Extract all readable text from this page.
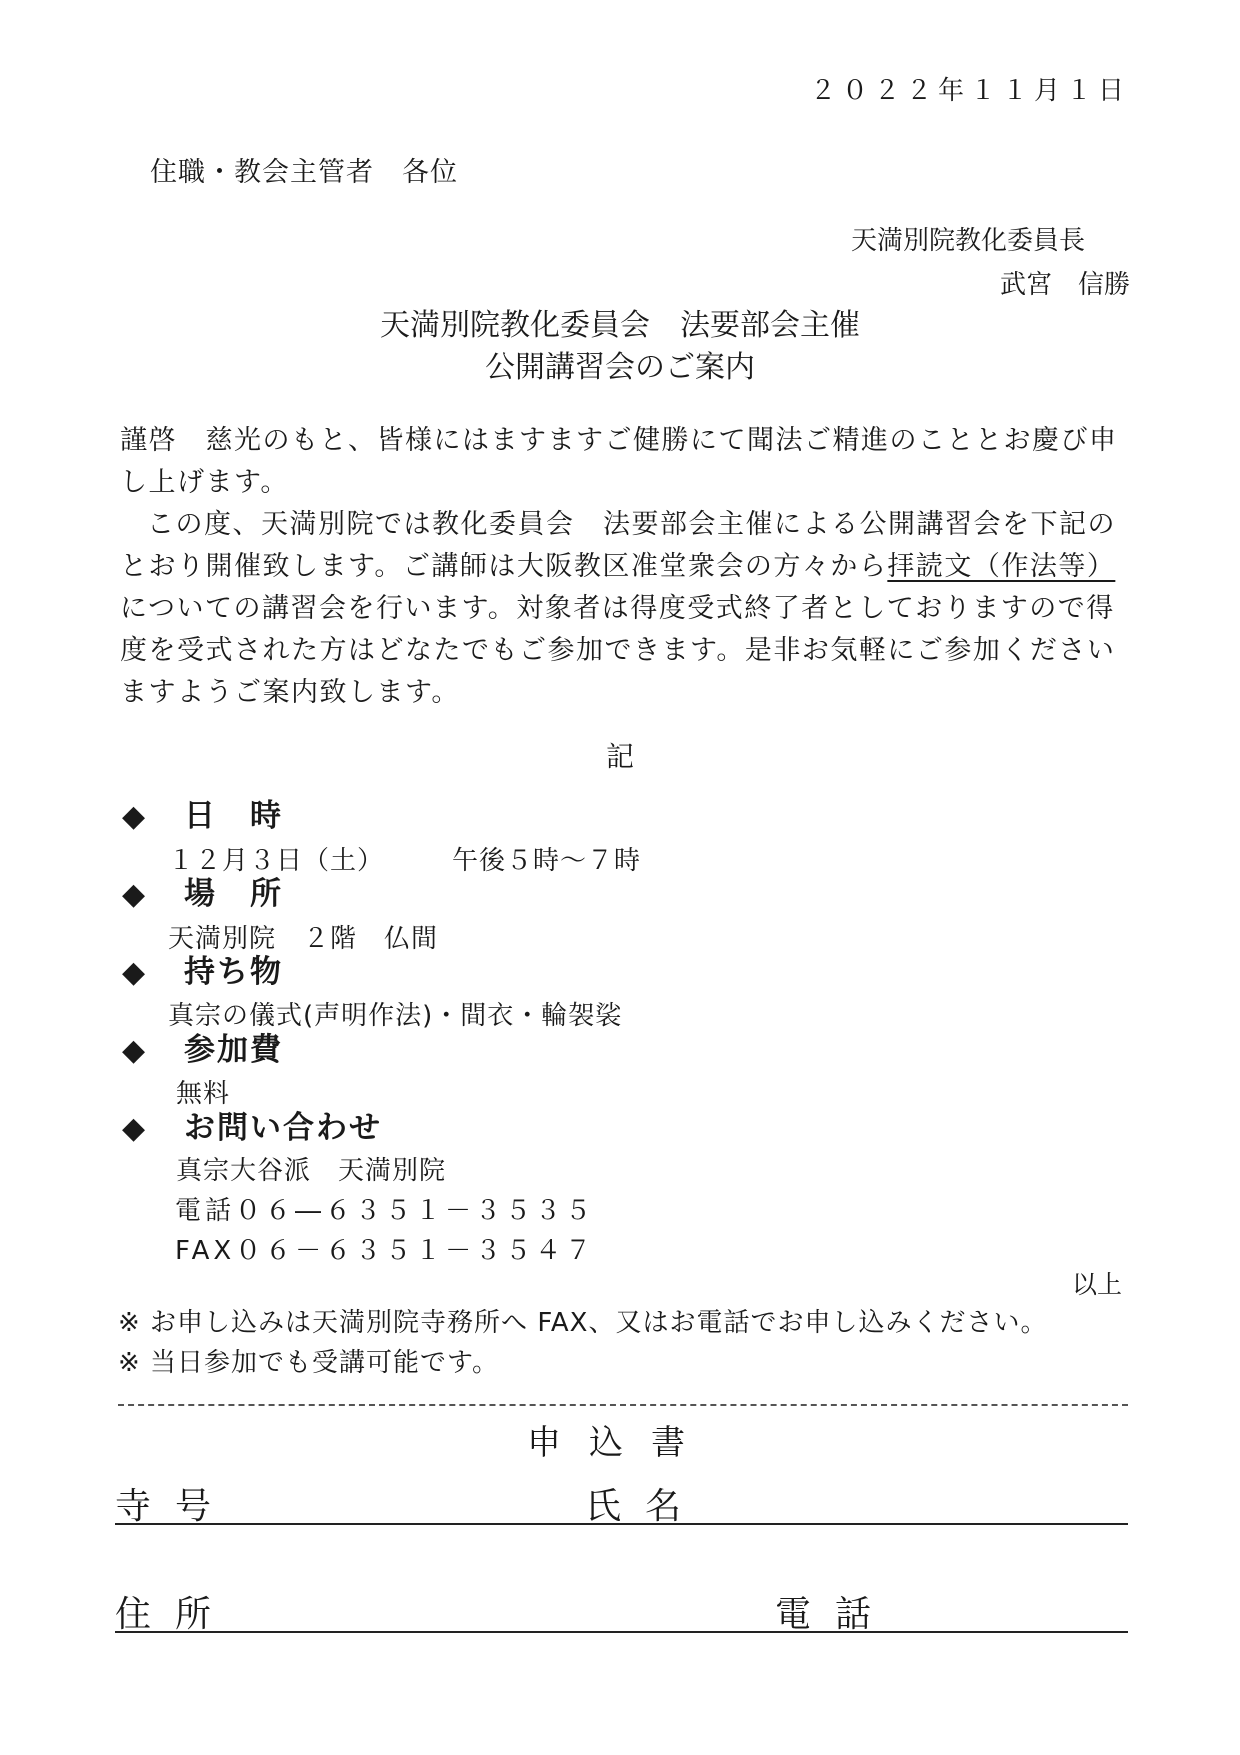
２０２２年１１月１日
住職・教会主管者　各位
天満別院教化委員長
武宮　信勝
天満別院教化委員会　法要部会主催
公開講習会のご案内

謹啓　慈光のもと、皆様にはますますご健勝にて聞法ご精進のこととお慶び申し上げます。

この度、天満別院では教化委員会　法要部会主催による公開講習会を下記のとおり開催致します。ご講師は大阪教区准堂衆会の方々から拝読文（作法等）についての講習会を行います。対象者は得度受式終了者としておりますので得度を受式された方はどなたでもご参加できます。是非お気軽にご参加くださいますようご案内致します。

記
◆ 日　時
１２月３日（土）　　　午後５時～７時
◆ 場　所
天満別院　２階　仏間
◆ 持ち物
真宗の儀式(声明作法)・間衣・輪袈裟
◆ 参加費
無料
◆ お問い合わせ
真宗大谷派　天満別院
電話０６―６３５１－３５３５
FAX０６－６３５１－３５４７
以上
※ お申し込みは天満別院寺務所へ FAX、又はお電話でお申し込みください。
※ 当日参加でも受講可能です。
申込書
寺号	氏名
住所	電話
